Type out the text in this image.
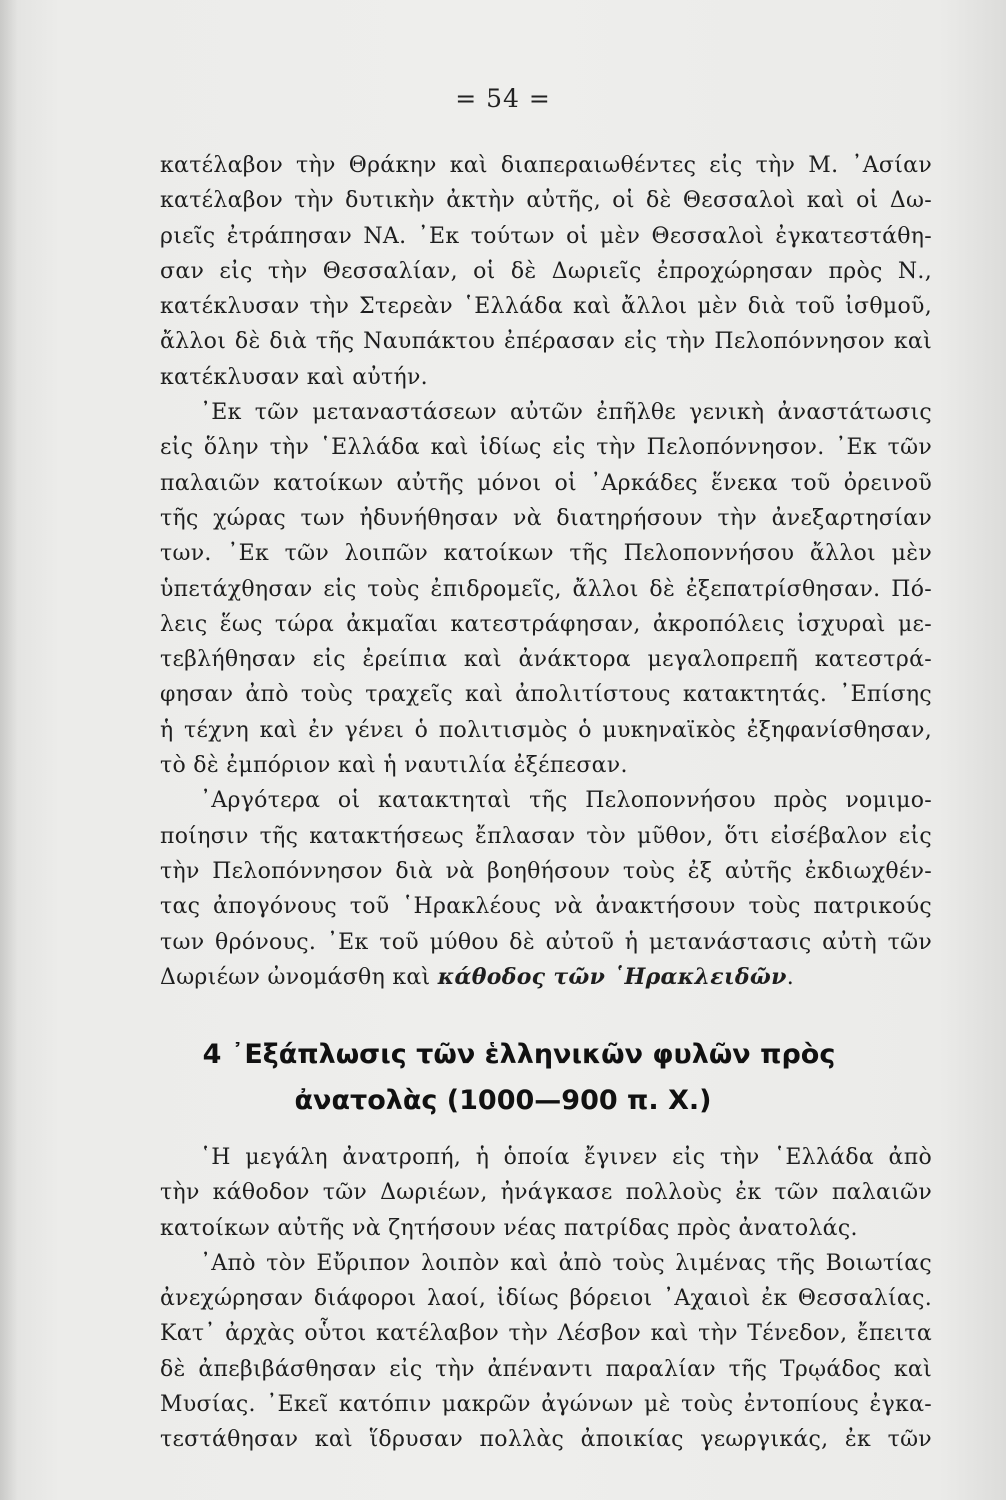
= 54 =
κατέλαβον τὴν Θράκην καὶ διαπεραιωθέντες εἰς τὴν Μ. ᾿Ασίαν
κατέλαβον τὴν δυτικὴν ἀκτὴν αὐτῆς, οἱ δὲ Θεσσαλοὶ καὶ οἱ Δω-
ριεῖς ἐτράπησαν ΝΑ. ᾿Εκ τούτων οἱ μὲν Θεσσαλοὶ ἐγκατεστάθη-
σαν εἰς τὴν Θεσσαλίαν, οἱ δὲ Δωριεῖς ἐπροχώρησαν πρὸς Ν.,
κατέκλυσαν τὴν Στερεὰν ῾Ελλάδα καὶ ἄλλοι μὲν διὰ τοῦ ἰσθμοῦ,
ἄλλοι δὲ διὰ τῆς Ναυπάκτου ἐπέρασαν εἰς τὴν Πελοπόννησον καὶ
κατέκλυσαν καὶ αὐτήν.
᾿Εκ τῶν μεταναστάσεων αὐτῶν ἐπῆλθε γενικὴ ἀναστάτωσις
εἰς ὅλην τὴν ῾Ελλάδα καὶ ἰδίως εἰς τὴν Πελοπόννησον. ᾿Εκ τῶν
παλαιῶν κατοίκων αὐτῆς μόνοι οἱ ᾿Αρκάδες ἕνεκα τοῦ ὀρεινοῦ
τῆς χώρας των ἠδυνήθησαν νὰ διατηρήσουν τὴν ἀνεξαρτησίαν
των. ᾿Εκ τῶν λοιπῶν κατοίκων τῆς Πελοποννήσου ἄλλοι μὲν
ὑπετάχθησαν εἰς τοὺς ἐπιδρομεῖς, ἄλλοι δὲ ἐξεπατρίσθησαν. Πό-
λεις ἕως τώρα ἀκμαῖαι κατεστράφησαν, ἀκροπόλεις ἰσχυραὶ με-
τεβλήθησαν εἰς ἐρείπια καὶ ἀνάκτορα μεγαλοπρεπῆ κατεστρά-
φησαν ἀπὸ τοὺς τραχεῖς καὶ ἀπολιτίστους κατακτητάς. ᾿Επίσης
ἡ τέχνη καὶ ἐν γένει ὁ πολιτισμὸς ὁ μυκηναϊκὸς ἐξηφανίσθησαν,
τὸ δὲ ἐμπόριον καὶ ἡ ναυτιλία ἐξέπεσαν.
᾿Αργότερα οἱ κατακτηταὶ τῆς Πελοποννήσου πρὸς νομιμο-
ποίησιν τῆς κατακτήσεως ἔπλασαν τὸν μῦθον, ὅτι εἰσέβαλον εἰς
τὴν Πελοπόννησον διὰ νὰ βοηθήσουν τοὺς ἐξ αὐτῆς ἐκδιωχθέν-
τας ἀπογόνους τοῦ ῾Ηρακλέους νὰ ἀνακτήσουν τοὺς πατρικούς
των θρόνους. ᾿Εκ τοῦ μύθου δὲ αὐτοῦ ἡ μετανάστασις αὐτὴ τῶν
Δωριέων ὠνομάσθη καὶ κάθοδος τῶν ῾Ηρακλειδῶν.
4 ᾿Εξάπλωσις τῶν ἑλληνικῶν φυλῶν πρὸς
ἀνατολὰς (1000—900 π. Χ.)
῾Η μεγάλη ἀνατροπή, ἡ ὁποία ἔγινεν εἰς τὴν ῾Ελλάδα ἀπὸ
τὴν κάθοδον τῶν Δωριέων, ἠνάγκασε πολλοὺς ἐκ τῶν παλαιῶν
κατοίκων αὐτῆς νὰ ζητήσουν νέας πατρίδας πρὸς ἀνατολάς.
᾿Απὸ τὸν Εὔριπον λοιπὸν καὶ ἀπὸ τοὺς λιμένας τῆς Βοιωτίας
ἀνεχώρησαν διάφοροι λαοί, ἰδίως βόρειοι ᾿Αχαιοὶ ἐκ Θεσσαλίας.
Κατ᾿ ἀρχὰς οὗτοι κατέλαβον τὴν Λέσβον καὶ τὴν Τένεδον, ἔπειτα
δὲ ἀπεβιβάσθησαν εἰς τὴν ἀπέναντι παραλίαν τῆς Τρῳάδος καὶ
Μυσίας. ᾿Εκεῖ κατόπιν μακρῶν ἀγώνων μὲ τοὺς ἐντοπίους ἐγκα-
τεστάθησαν καὶ ἵδρυσαν πολλὰς ἀποικίας γεωργικάς, ἐκ τῶν
